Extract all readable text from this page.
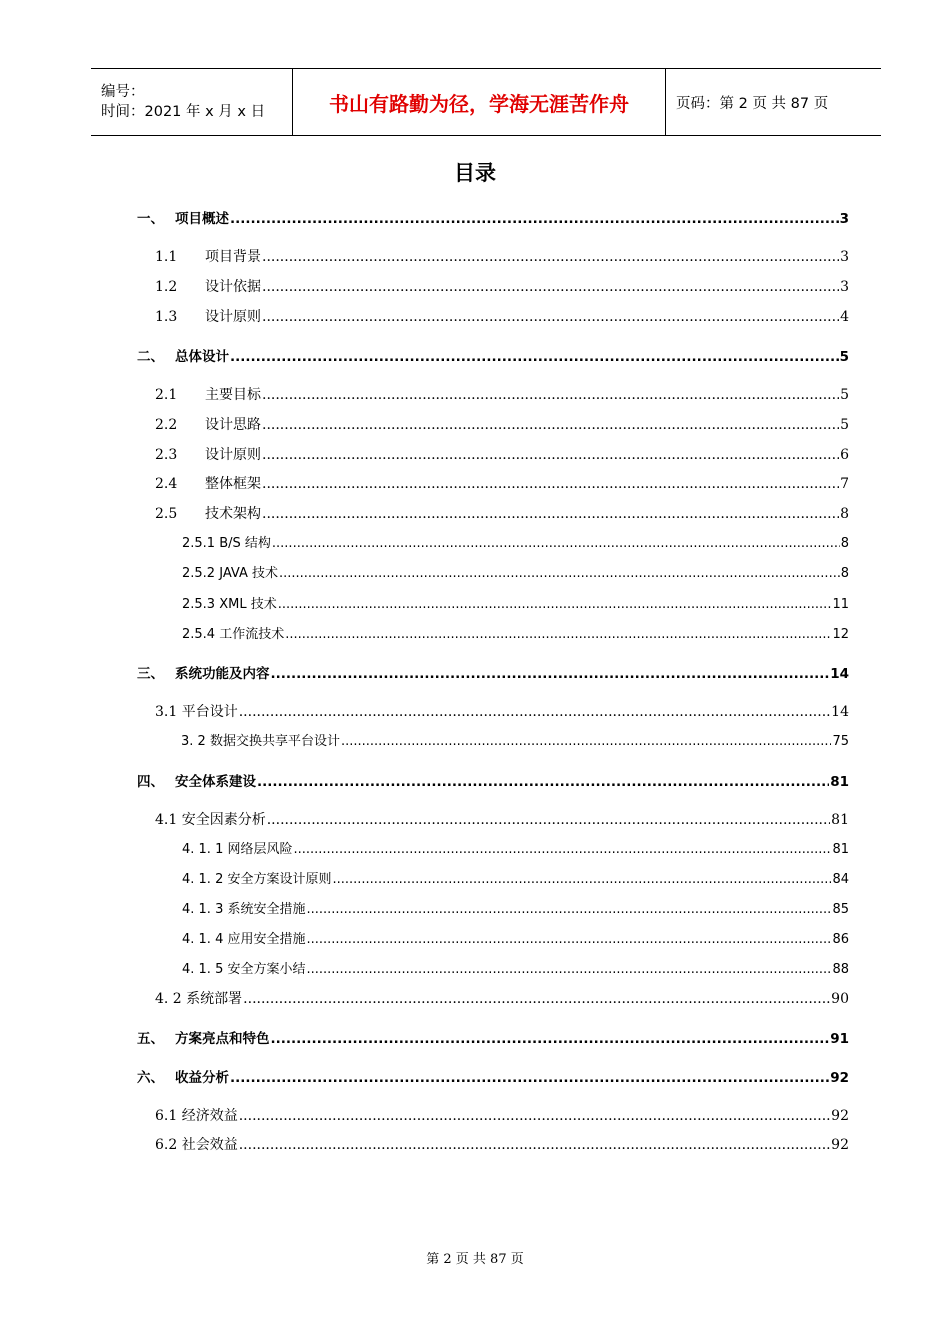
编号：
时间：2021 年 x 月 x 日	书山有路勤为径，学海无涯苦作舟	页码：第 2 页 共 87 页
目录
一、 项目概述 .....	3
1.1 项目背景 .....	3
1.2 设计依据 .....	3
1.3 设计原则 .....	4
二、 总体设计 .....	5
2.1 主要目标 .....	5
2.2 设计思路 .....	5
2.3 设计原则 .....	6
2.4 整体框架 .....	7
2.5 技术架构 .....	8
2.5.1 B/S 结构 .....	8
2.5.2 JAVA 技术 .....	8
2.5.3 XML 技术 .....	11
2.5.4 工作流技术 .....	12
三、 系统功能及内容 .....	14
3.1 平台设计 .....	14
3. 2 数据交换共享平台设计 .....	75
四、 安全体系建设 .....	81
4.1 安全因素分析 .....	81
4. 1. 1 网络层风险 .....	81
4. 1. 2 安全方案设计原则 .....	84
4. 1. 3 系统安全措施 .....	85
4. 1. 4 应用安全措施 .....	86
4. 1. 5 安全方案小结 .....	88
4. 2 系统部署 .....	90
五、 方案亮点和特色 .....	91
六、 收益分析 .....	92
6.1 经济效益 .....	92
6.2 社会效益 .....	92
第 2 页 共 87 页
